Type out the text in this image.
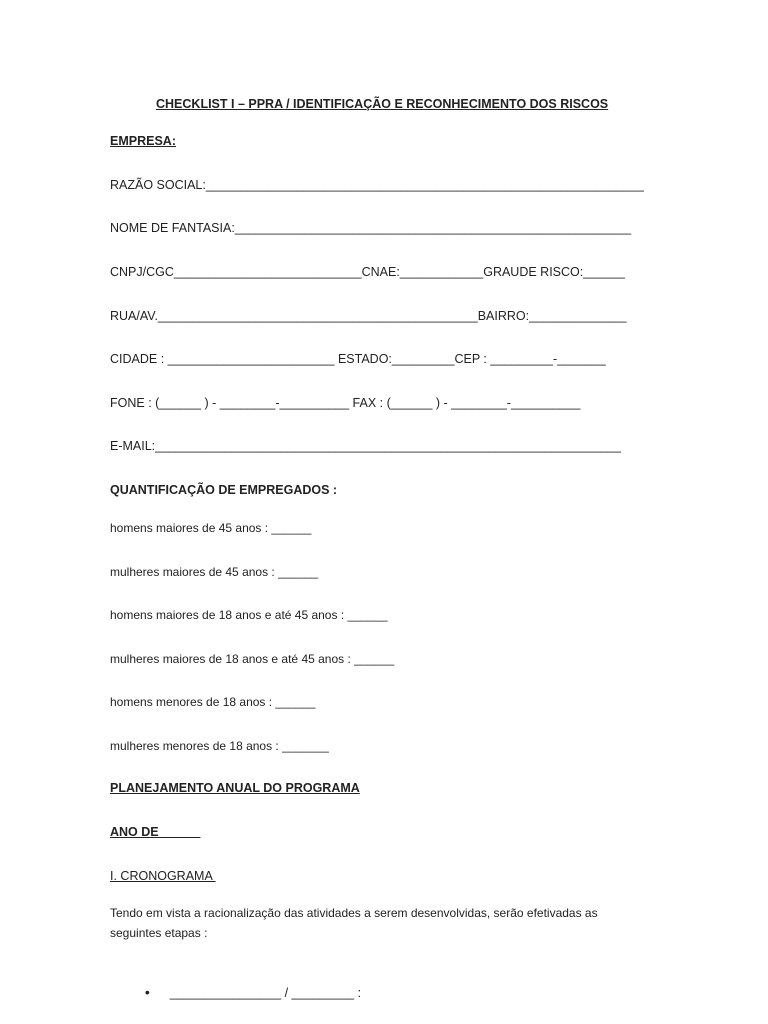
CHECKLIST I – PPRA / IDENTIFICAÇÃO E RECONHECIMENTO DOS RISCOS
EMPRESA:
RAZÃO SOCIAL:_______________________________________________________________
NOME DE FANTASIA:_________________________________________________________
CNPJ/CGC___________________________CNAE:____________GRAUDE RISCO:______
RUA/AV.______________________________________________BAIRRO:______________
CIDADE : ________________________ ESTADO:_________CEP : _________-_______
FONE : (______ ) - ________-__________ FAX : (______ ) - ________-__________
E-MAIL:___________________________________________________________________
QUANTIFICAÇÃO DE EMPREGADOS :
homens maiores de 45 anos : ______
mulheres maiores de 45 anos : ______
homens maiores de 18 anos e até 45 anos : ______
mulheres maiores de 18 anos e até 45 anos : ______
homens menores de 18 anos : ______
mulheres menores de 18 anos : _______
PLANEJAMENTO ANUAL DO PROGRAMA
ANO DE______
I. CRONOGRAMA
Tendo em vista a racionalização das atividades a serem desenvolvidas, serão efetivadas as seguintes etapas :

• ________________ / _________ :
